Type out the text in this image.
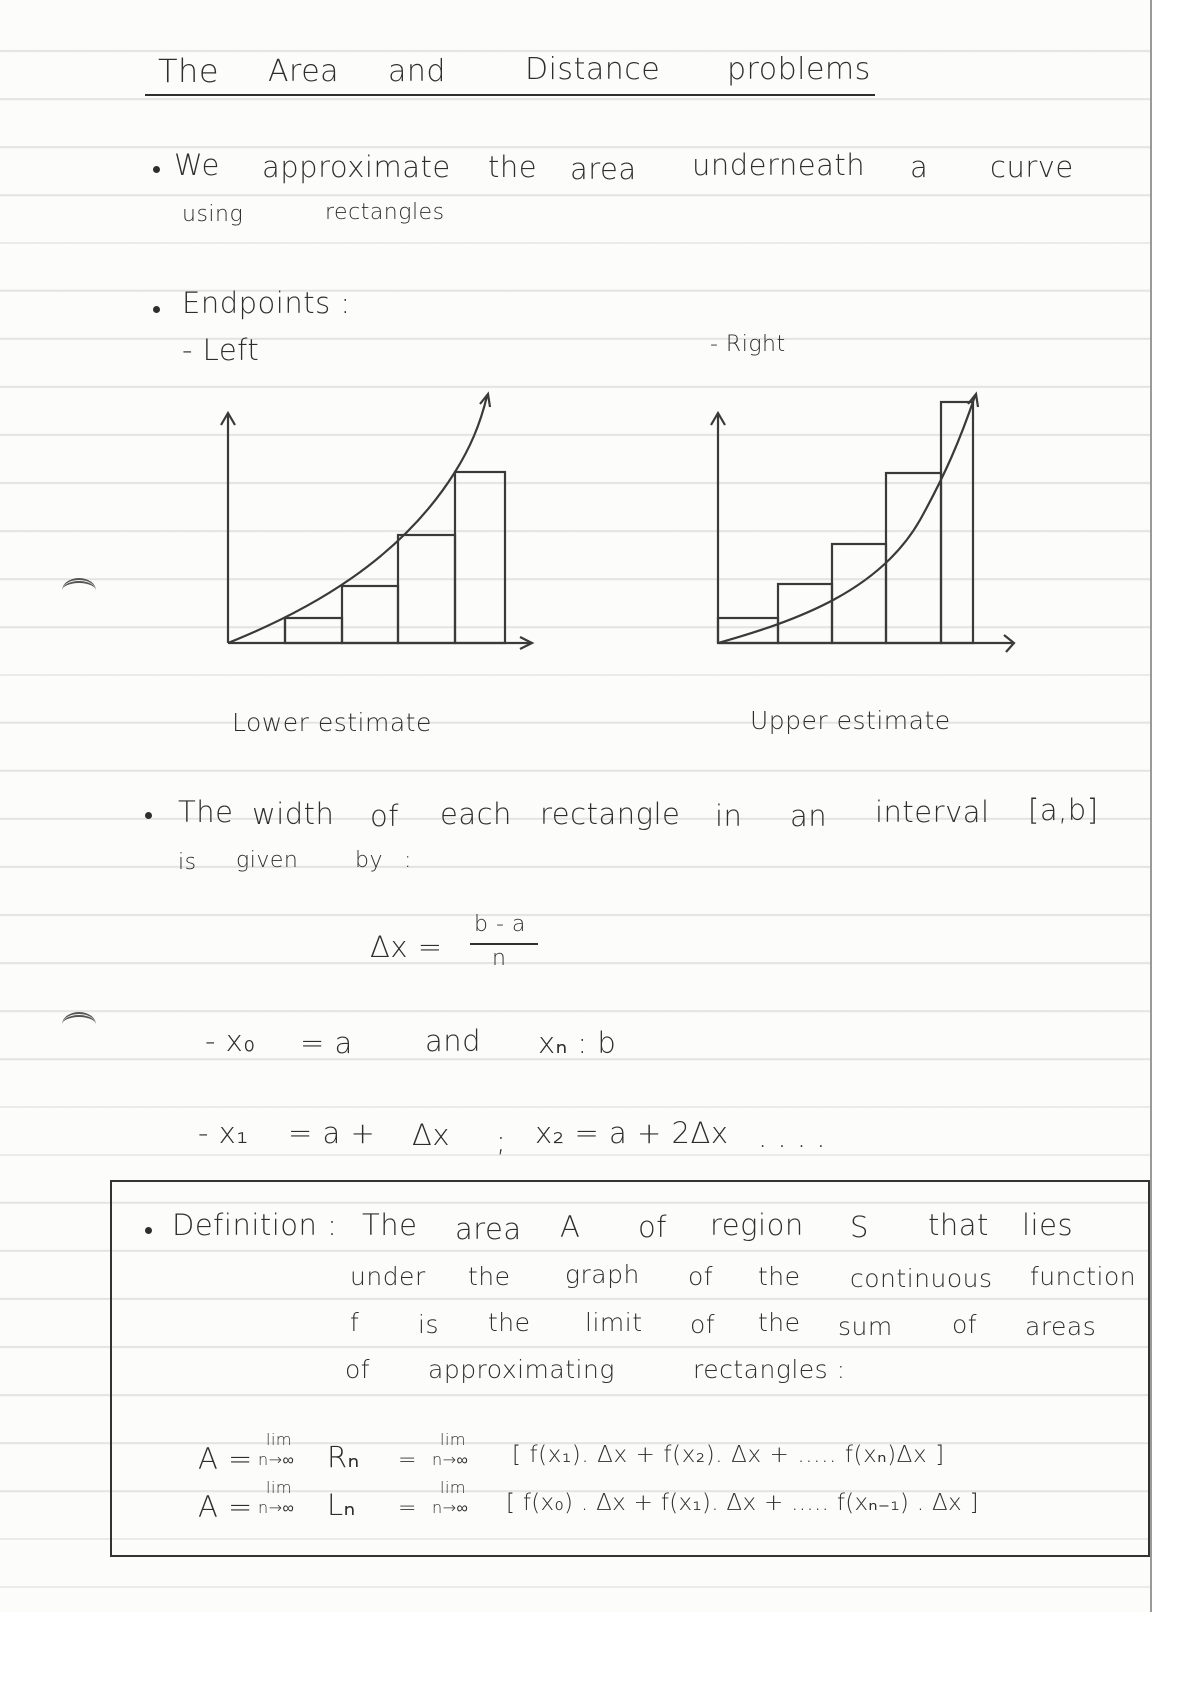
The Area and	Distance problems
We approximate the area underneath a curve
using	rectangles
Endpoints :
- Left	- Right
Lower estimate	Upper estimate
The width of each rectangle in an interval [a,b]
is given	by :
Δx =
b - a
n
- x₀ = a and xₙ : b
- x₁ = a + Δx ; x₂ = a + 2Δx . . . .
Definition : The area A of region S that lies
under the graph of the continuous function
f is the limit of the sum of areas
of approximating	rectangles :
A =
lim
n→∞ Rₙ =
lim
n→∞ [ f(x₁). Δx + f(x₂). Δx + ..... f(xₙ)Δx ]
A =
lim
n→∞ Lₙ =
lim
n→∞ [ f(x₀) . Δx + f(x₁). Δx + ..... f(xₙ₋₁) . Δx ]
